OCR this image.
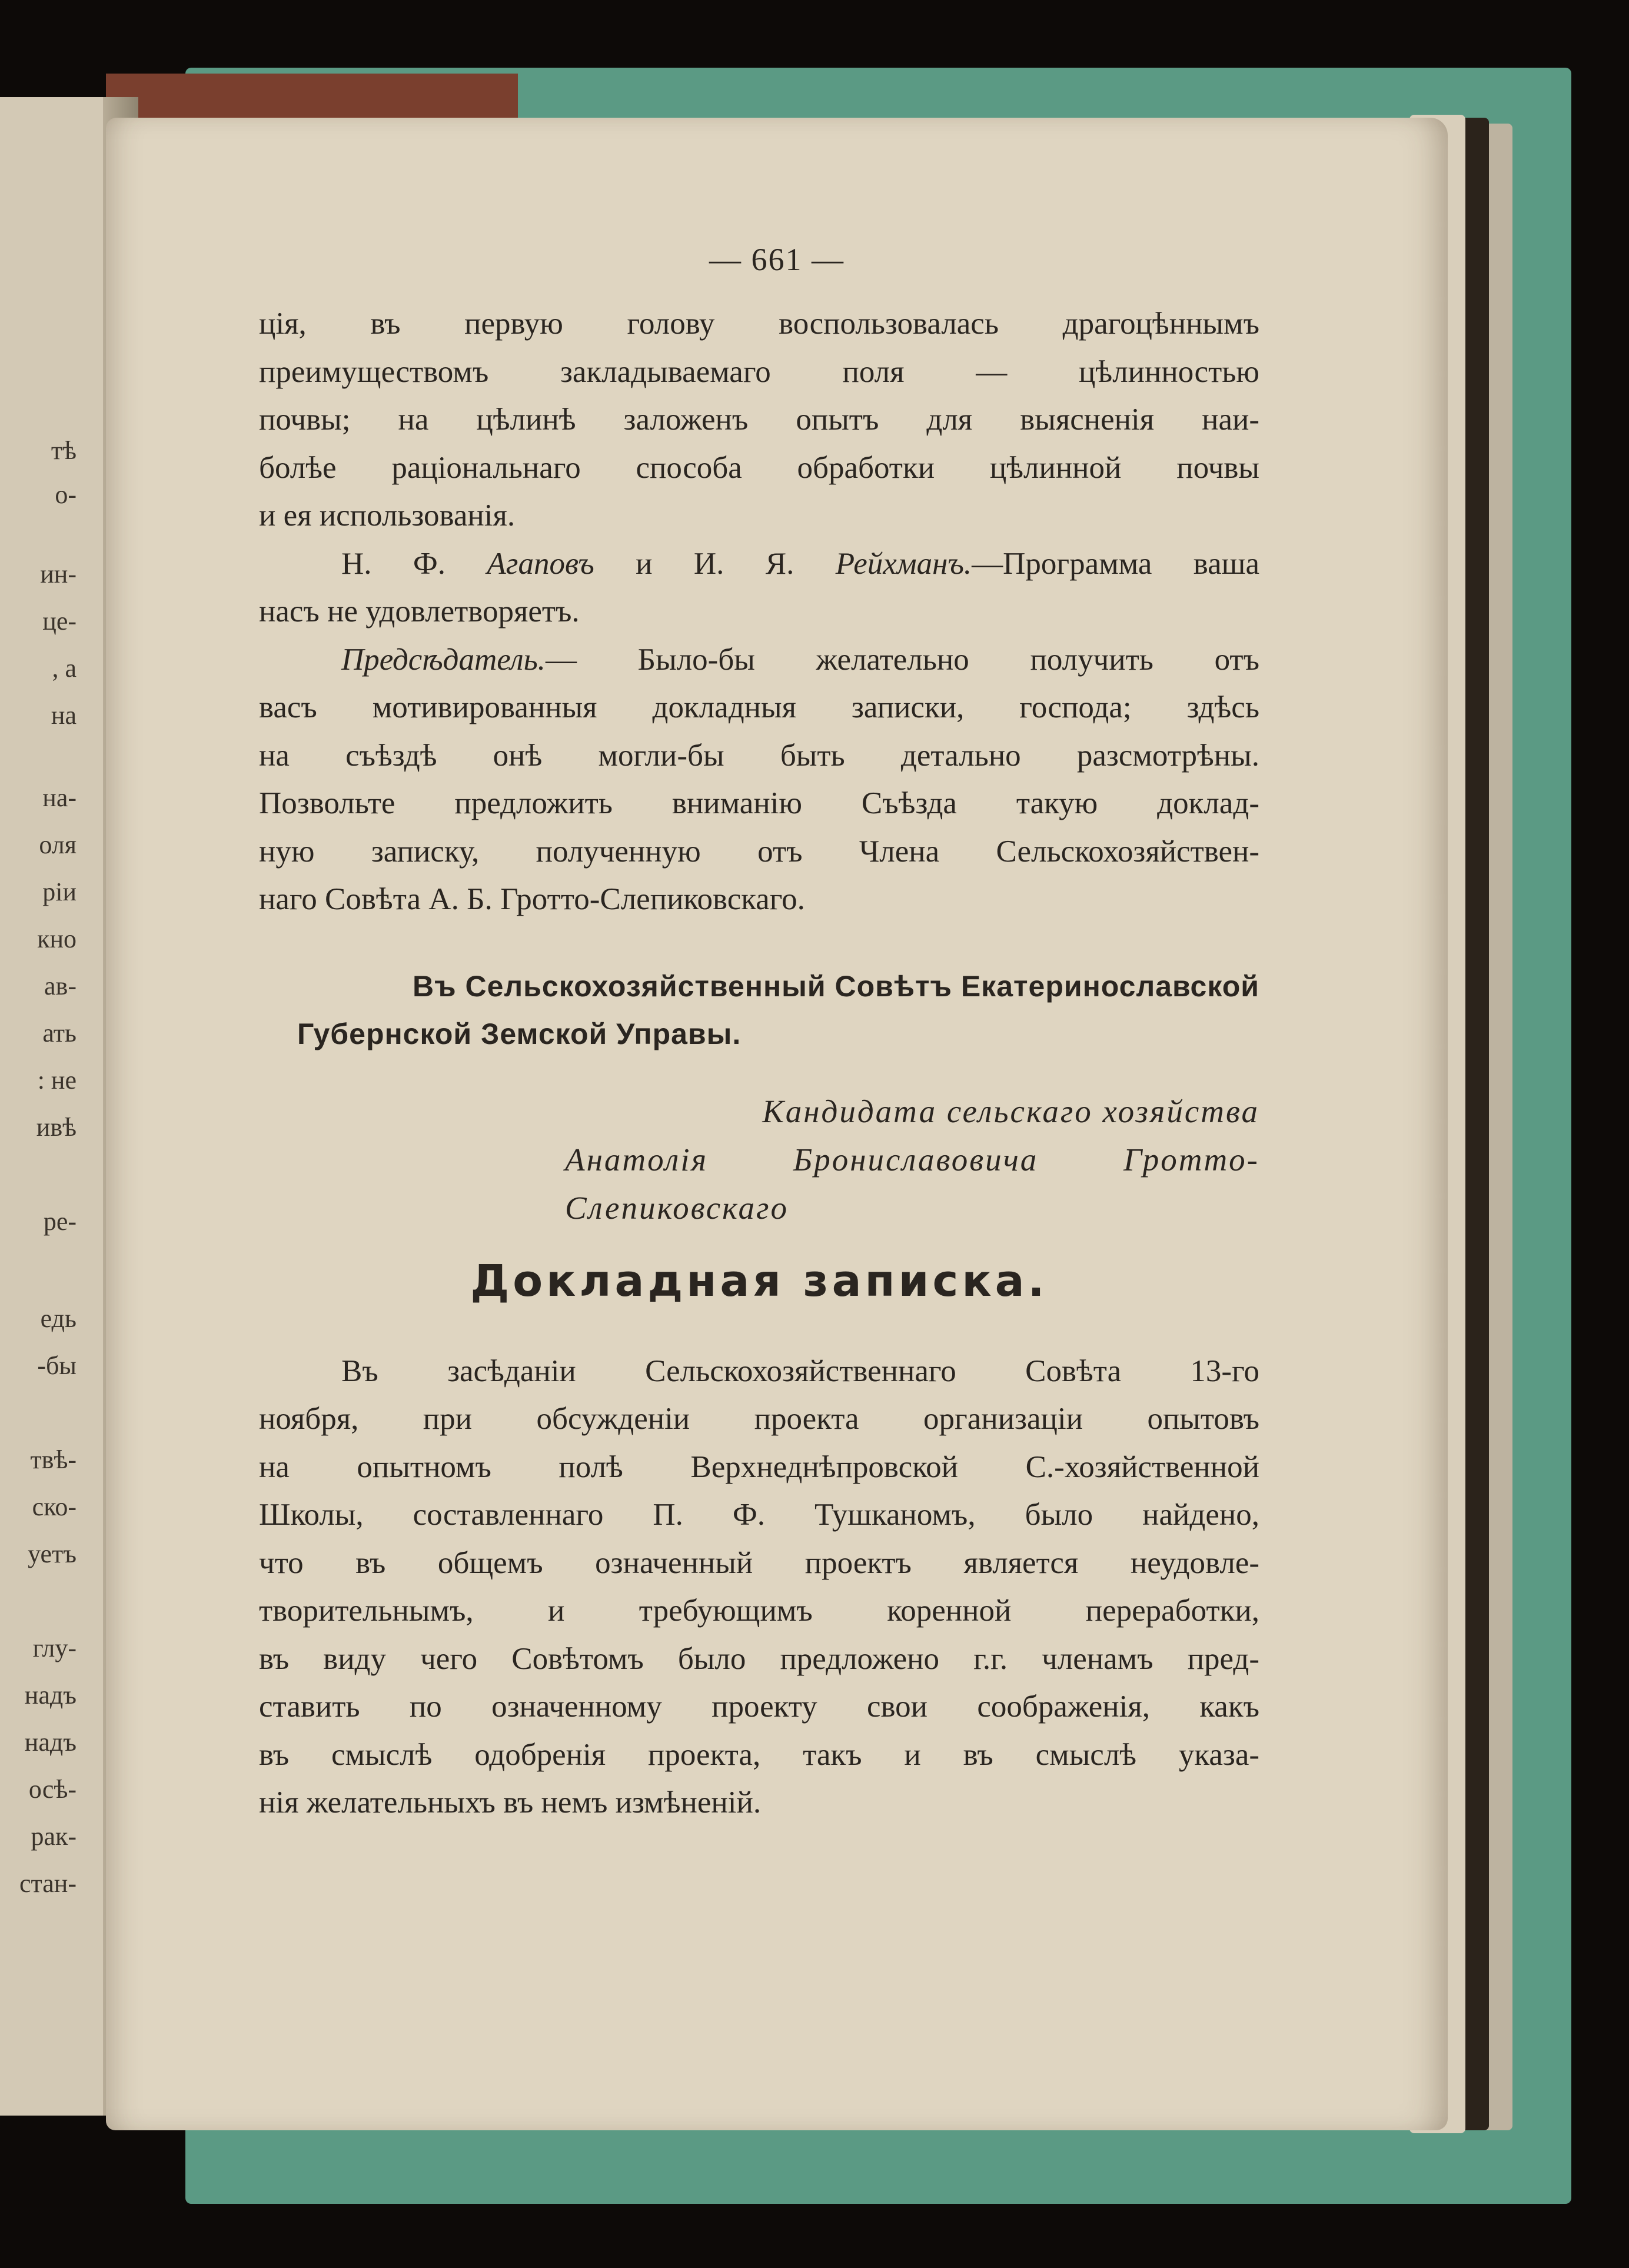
тѣ
о-
ин-
це-
, а
на
на-
оля
ріи
кно
ав-
ать
: не
ивѣ
ре-
едь
-бы
твѣ-
ско-
уетъ
глу-
надъ
надъ
осѣ-
рак-
стан-
— 661 —
ція, въ первую голову воспользовалась драгоцѣннымъ
преимуществомъ закладываемаго поля — цѣлинностью
почвы; на цѣлинѣ заложенъ опытъ для выясненія наи-
болѣе раціональнаго способа обработки цѣлинной почвы
и ея использованія.
Н. Ф. Агаповъ и И. Я. Рейхманъ.—Программа ваша
насъ не удовлетворяетъ.
Предсѣдатель.— Было-бы желательно получить отъ
васъ мотивированныя докладныя записки, господа; здѣсь
на съѣздѣ онѣ могли-бы быть детально разсмотрѣны.
Позвольте предложить вниманію Съѣзда такую доклад-
ную записку, полученную отъ Члена Сельскохозяйствен-
наго Совѣта А. Б. Гротто-Слепиковскаго.
Въ Сельскохозяйственный Совѣтъ Екатеринославской
Губернской Земской Управы.
Кандидата сельскаго хозяйства
Анатолія Брониславовича Гротто-
Слепиковскаго
Докладная записка.
Въ засѣданіи Сельскохозяйственнаго Совѣта 13-го
ноября, при обсужденіи проекта организаціи опытовъ
на опытномъ полѣ Верхнеднѣпровской С.-хозяйственной
Школы, составленнаго П. Ф. Тушканомъ, было найдено,
что въ общемъ означенный проектъ является неудовле-
творительнымъ, и требующимъ коренной переработки,
въ виду чего Совѣтомъ было предложено г.г. членамъ пред-
ставить по означенному проекту свои соображенія, какъ
въ смыслѣ одобренія проекта, такъ и въ смыслѣ указа-
нія желательныхъ въ немъ измѣненій.
